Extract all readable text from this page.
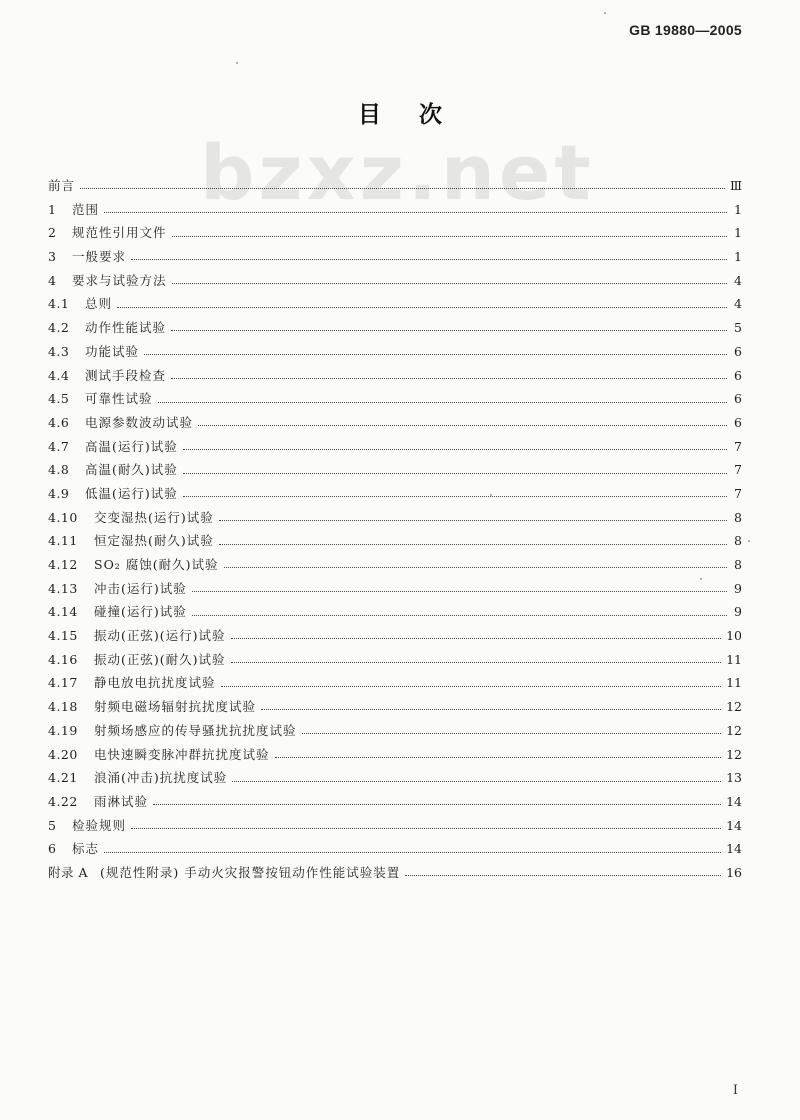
GB 19880—2005
目次
bzxz.net
前言	Ⅲ
1	范围	1
2	规范性引用文件	1
3	一般要求	1
4	要求与试验方法	4
4.1	总则	4
4.2	动作性能试验	5
4.3	功能试验	6
4.4	测试手段检查	6
4.5	可靠性试验	6
4.6	电源参数波动试验	6
4.7	高温(运行)试验	7
4.8	高温(耐久)试验	7
4.9	低温(运行)试验	7
4.10	交变湿热(运行)试验	8
4.11	恒定湿热(耐久)试验	8
4.12	SO₂ 腐蚀(耐久)试验	8
4.13	冲击(运行)试验	9
4.14	碰撞(运行)试验	9
4.15	振动(正弦)(运行)试验	10
4.16	振动(正弦)(耐久)试验	11
4.17	静电放电抗扰度试验	11
4.18	射频电磁场辐射抗扰度试验	12
4.19	射频场感应的传导骚扰抗扰度试验	12
4.20	电快速瞬变脉冲群抗扰度试验	12
4.21	浪涌(冲击)抗扰度试验	13
4.22	雨淋试验	14
5	检验规则	14
6	标志	14
附录 A (规范性附录) 手动火灾报警按钮动作性能试验装置	16
I
